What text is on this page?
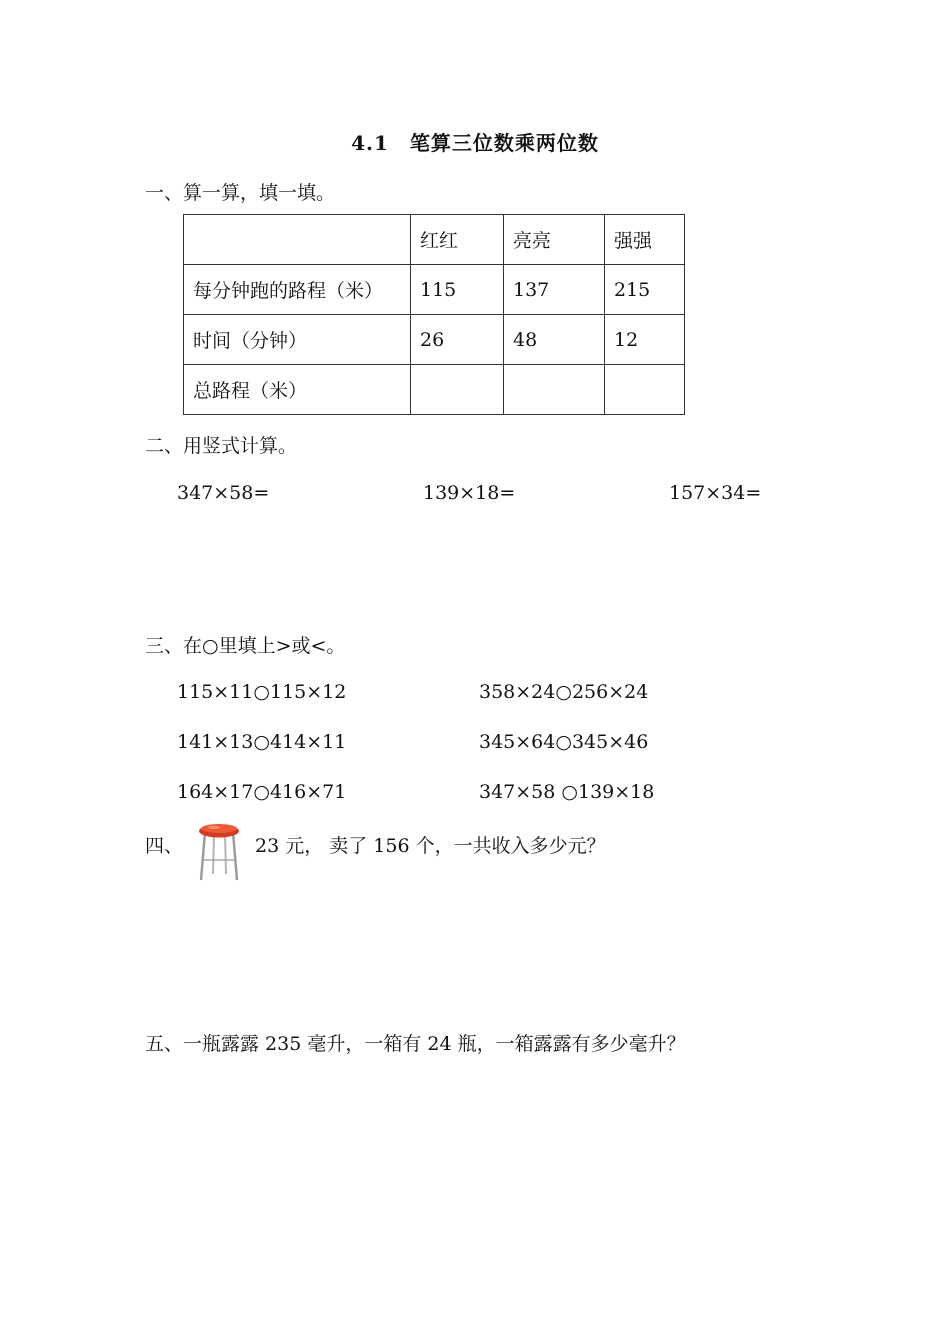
4.1　笔算三位数乘两位数
一、算一算，填一填。
	红红	亮亮	强强
每分钟跑的路程（米）	115	137	215
时间（分钟）	26	48	12
总路程（米）			
二、用竖式计算。
347×58=	139×18=	157×34=
三、在○里填上>或<。
115×11○115×12	358×24○256×24
141×13○414×11	345×64○345×46
164×17○416×71	347×58 ○139×18
四、	23 元， 卖了 156 个，一共收入多少元？
五、一瓶露露 235 毫升，一箱有 24 瓶，一箱露露有多少毫升？
